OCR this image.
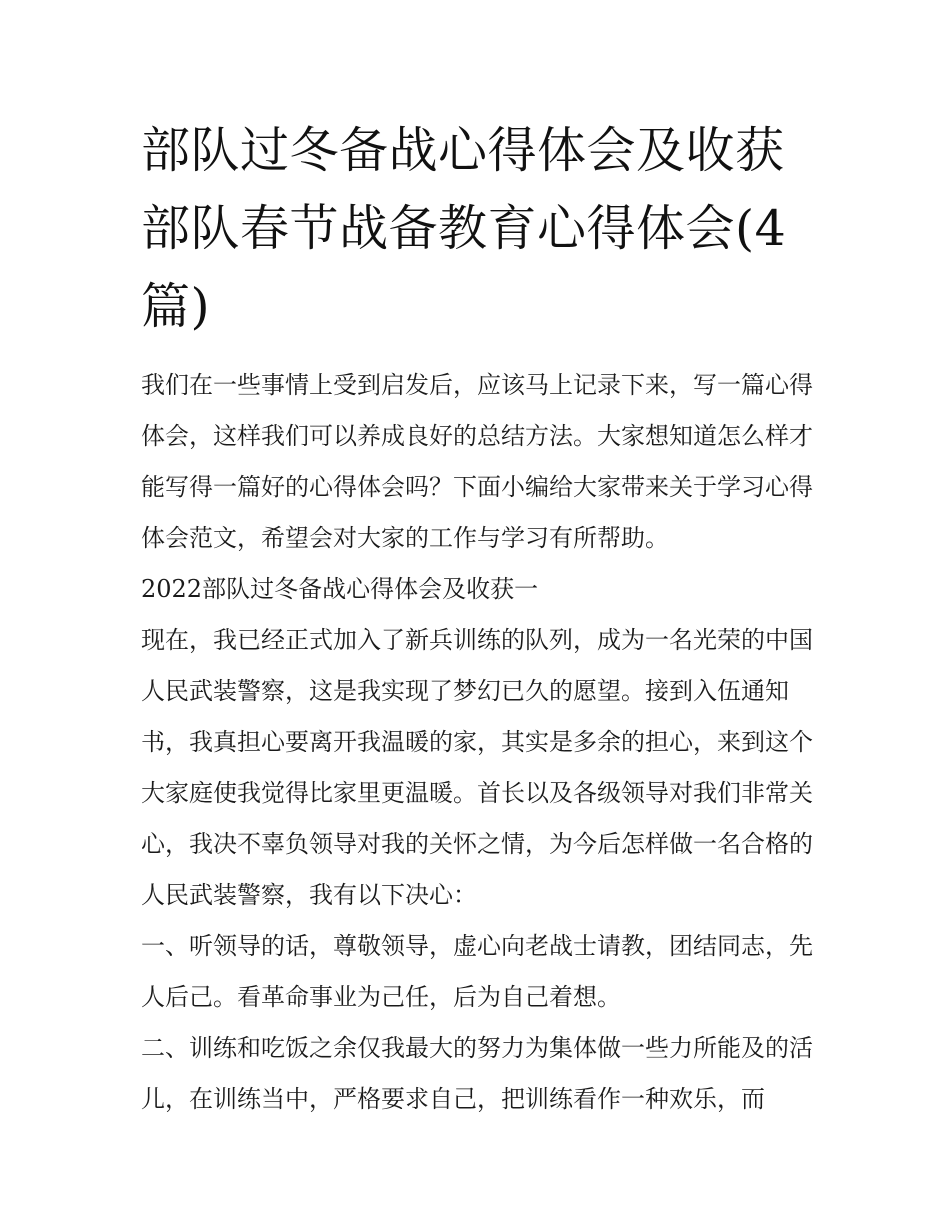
部队过冬备战心得体会及收获部队春节战备教育心得体会(4篇)

我们在一些事情上受到启发后，应该马上记录下来，写一篇心得体会，这样我们可以养成良好的总结方法。大家想知道怎么样才能写得一篇好的心得体会吗？下面小编给大家带来关于学习心得体会范文，希望会对大家的工作与学习有所帮助。

2022部队过冬备战心得体会及收获一

现在，我已经正式加入了新兵训练的队列，成为一名光荣的中国人民武装警察，这是我实现了梦幻已久的愿望。接到入伍通知书，我真担心要离开我温暖的家，其实是多余的担心，来到这个大家庭使我觉得比家里更温暖。首长以及各级领导对我们非常关心，我决不辜负领导对我的关怀之情，为今后怎样做一名合格的人民武装警察，我有以下决心：

一、听领导的话，尊敬领导，虚心向老战士请教，团结同志，先人后己。看革命事业为己任，后为自己着想。

二、训练和吃饭之余仅我最大的努力为集体做一些力所能及的活儿，在训练当中，严格要求自己，把训练看作一种欢乐，而
